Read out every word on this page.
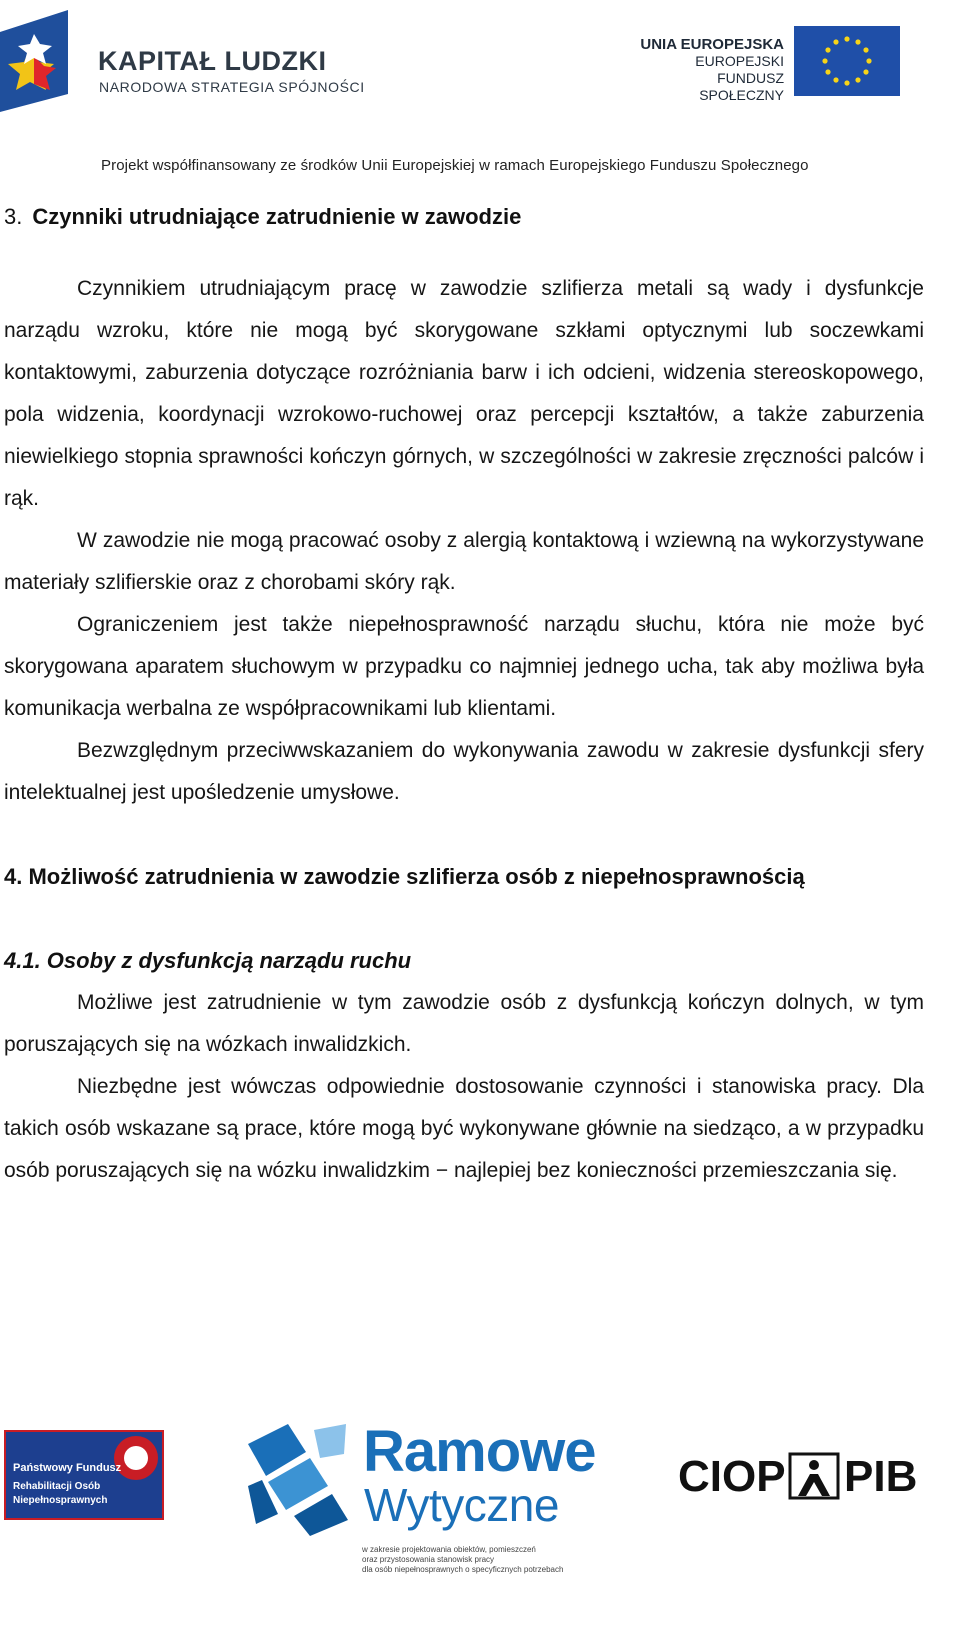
KAPITAŁ LUDZKI
NARODOWA STRATEGIA SPÓJNOŚCI
UNIA EUROPEJSKA
EUROPEJSKI
FUNDUSZ SPOŁECZNY
Projekt współfinansowany ze środków Unii Europejskiej w ramach Europejskiego Funduszu Społecznego
3. Czynniki utrudniające zatrudnienie w zawodzie

Czynnikiem utrudniającym pracę w zawodzie szlifierza metali są wady i dysfunkcje narządu wzroku, które nie mogą być skorygowane szkłami optycznymi lub soczewkami kontaktowymi, zaburzenia dotyczące rozróżniania barw i ich odcieni, widzenia stereoskopowego, pola widzenia, koordynacji wzrokowo-ruchowej oraz percepcji kształtów, a także zaburzenia niewielkiego stopnia sprawności kończyn górnych, w szczególności w zakresie zręczności palców i rąk.

W zawodzie nie mogą pracować osoby z alergią kontaktową i wziewną na wykorzystywane materiały szlifierskie oraz z chorobami skóry rąk.

Ograniczeniem jest także niepełnosprawność narządu słuchu, która nie może być skorygowana aparatem słuchowym w przypadku co najmniej jednego ucha, tak aby możliwa była komunikacja werbalna ze współpracownikami lub klientami.

Bezwzględnym przeciwwskazaniem do wykonywania zawodu w zakresie dysfunkcji sfery intelektualnej jest upośledzenie umysłowe.

4. Możliwość zatrudnienia w zawodzie szlifierza osób z niepełnosprawnością
4.1. Osoby z dysfunkcją narządu ruchu

Możliwe jest zatrudnienie w tym zawodzie osób z dysfunkcją kończyn dolnych, w tym poruszających się na wózkach inwalidzkich.

Niezbędne jest wówczas odpowiednie dostosowanie czynności i stanowiska pracy. Dla takich osób wskazane są prace, które mogą być wykonywane głównie na siedząco, a w przypadku osób poruszających się na wózku inwalidzkim − najlepiej bez konieczności przemieszczania się.

Państwowy Fundusz
Rehabilitacji Osób
Niepełnosprawnych
Ramowe
Wytyczne
w zakresie projektowania obiektów, pomieszczeń
oraz przystosowania stanowisk pracy
dla osób niepełnosprawnych o specyficznych potrzebach
CIOP PIB
